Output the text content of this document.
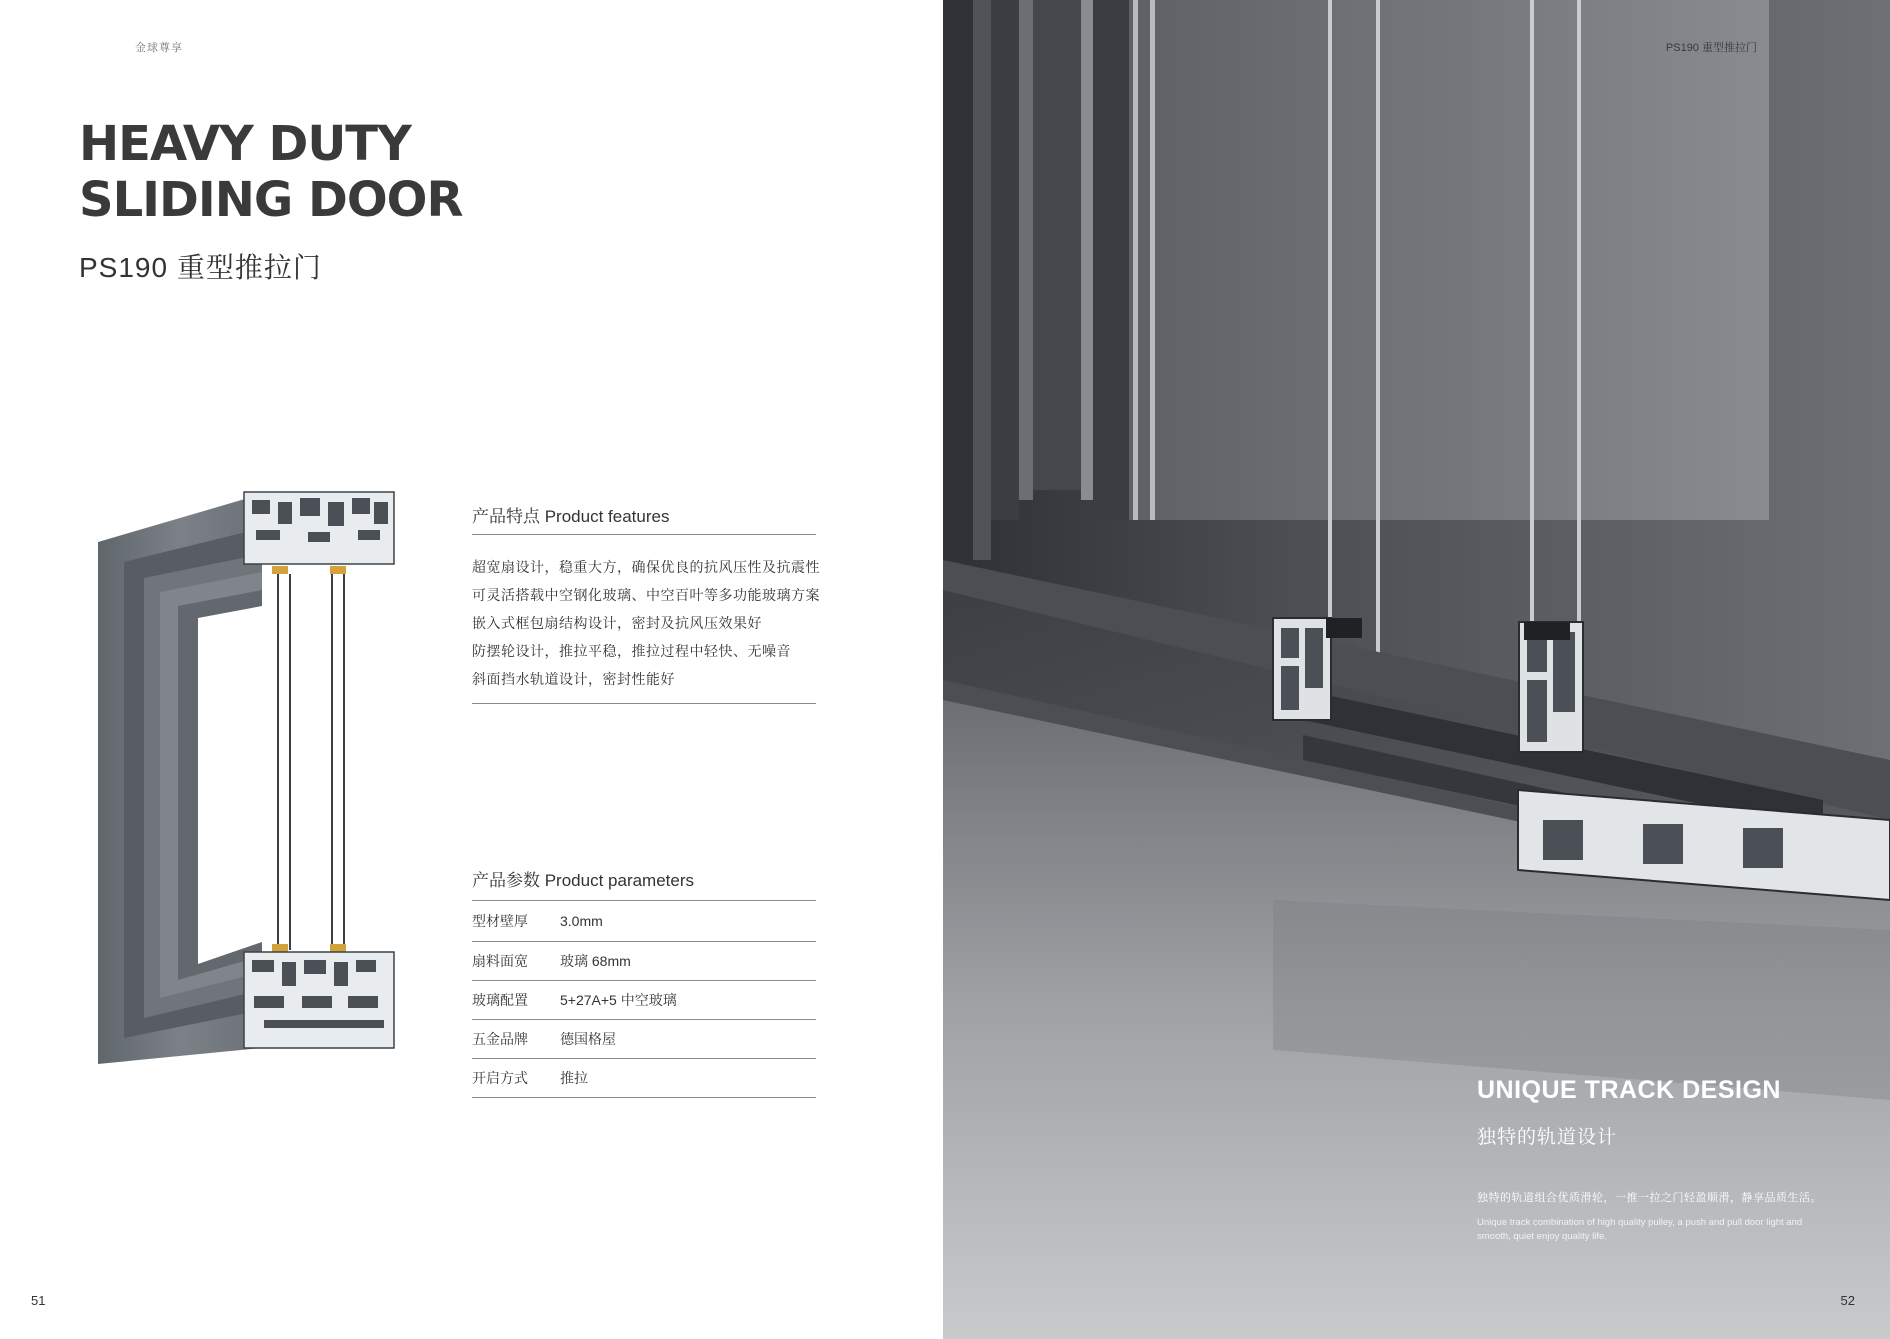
金球尊享
HEAVY DUTY
SLIDING DOOR
PS190 重型推拉门
产品特点 Product features
超宽扇设计，稳重大方，确保优良的抗风压性及抗震性
可灵活搭载中空钢化玻璃、中空百叶等多功能玻璃方案
嵌入式框包扇结构设计，密封及抗风压效果好
防摆轮设计，推拉平稳，推拉过程中轻快、无噪音
斜面挡水轨道设计，密封性能好
产品参数 Product parameters
型材壁厚	3.0mm
扇料面宽	玻璃 68mm
玻璃配置	5+27A+5 中空玻璃
五金品牌	德国格屋
开启方式	推拉
51
PS190 重型推拉门
UNIQUE TRACK DESIGN
独特的轨道设计
独特的轨道组合优质滑轮，一推一拉之门轻盈顺滑，静享品质生活。
Unique track combination of high quality pulley, a push and pull door light and smooth, quiet enjoy quality life.
52
